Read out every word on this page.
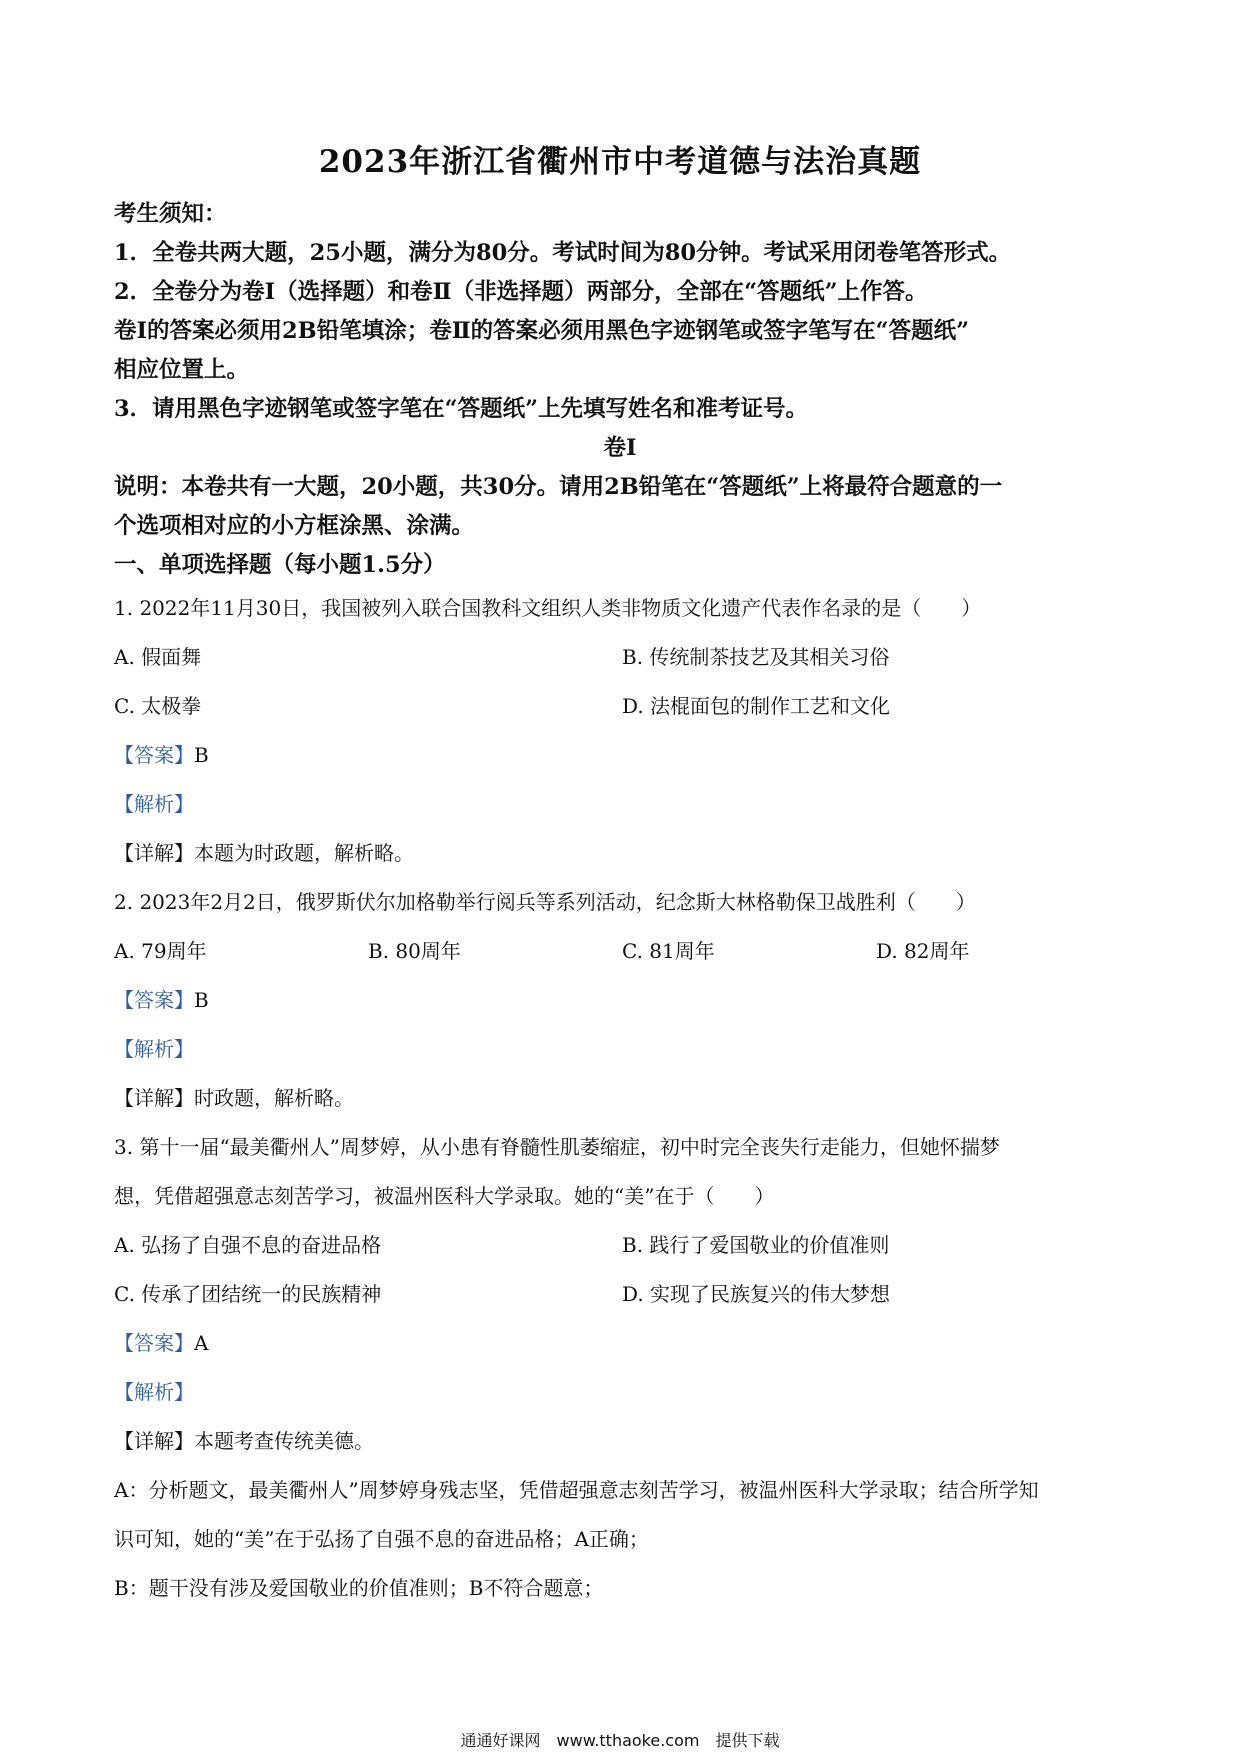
2023年浙江省衢州市中考道德与法治真题
考生须知：
1．全卷共两大题，25小题，满分为80分。考试时间为80分钟。考试采用闭卷笔答形式。
2．全卷分为卷Ⅰ（选择题）和卷Ⅱ（非选择题）两部分，全部在“答题纸”上作答。
卷Ⅰ的答案必须用2B铅笔填涂；卷Ⅱ的答案必须用黑色字迹钢笔或签字笔写在“答题纸”
相应位置上。
3．请用黑色字迹钢笔或签字笔在“答题纸”上先填写姓名和准考证号。
卷Ⅰ
说明：本卷共有一大题，20小题，共30分。请用2B铅笔在“答题纸”上将最符合题意的一
个选项相对应的小方框涂黑、涂满。
一、单项选择题（每小题1.5分）
1. 2022年11月30日，我国被列入联合国教科文组织人类非物质文化遗产代表作名录的是（　　）
A. 假面舞	B. 传统制茶技艺及其相关习俗
C. 太极拳	D. 法棍面包的制作工艺和文化
【答案】B
【解析】
【详解】本题为时政题，解析略。
2. 2023年2月2日，俄罗斯伏尔加格勒举行阅兵等系列活动，纪念斯大林格勒保卫战胜利（　　）
A. 79周年	B. 80周年	C. 81周年	D. 82周年
【答案】B
【解析】
【详解】时政题，解析略。
3. 第十一届“最美衢州人”周梦婷，从小患有脊髓性肌萎缩症，初中时完全丧失行走能力，但她怀揣梦
想，凭借超强意志刻苦学习，被温州医科大学录取。她的“美”在于（　　）
A. 弘扬了自强不息的奋进品格	B. 践行了爱国敬业的价值准则
C. 传承了团结统一的民族精神	D. 实现了民族复兴的伟大梦想
【答案】A
【解析】
【详解】本题考查传统美德。
A：分析题文，最美衢州人”周梦婷身残志坚，凭借超强意志刻苦学习，被温州医科大学录取；结合所学知
识可知，她的“美”在于弘扬了自强不息的奋进品格；A正确；
B：题干没有涉及爱国敬业的价值准则；B不符合题意；
通通好课网　www.tthaoke.com　提供下载
